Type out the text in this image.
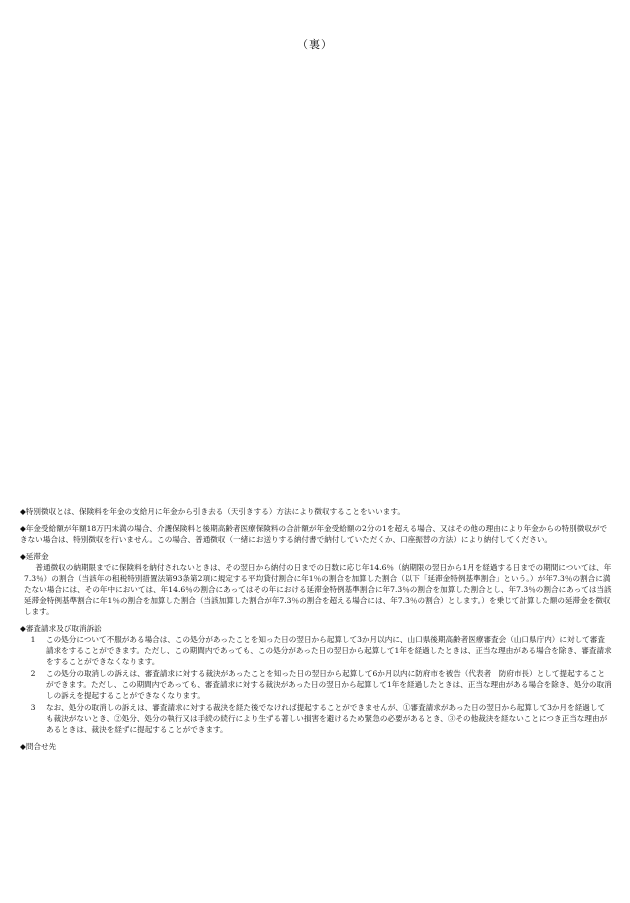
（裏）

◆特別徴収とは、保険料を年金の支給月に年金から引き去る（天引きする）方法により徴収することをいいます。

◆年金受給額が年額18万円未満の場合、介護保険料と後期高齢者医療保険料の合計額が年金受給額の2分の1を超える場合、又はその他の理由により年金からの特別徴収ができない場合は、特別徴収を行いません。この場合、普通徴収（一緒にお送りする納付書で納付していただくか、口座振替の方法）により納付してください。

◆延滞金

普通徴収の納期限までに保険料を納付されないときは、その翌日から納付の日までの日数に応じ年14.6％（納期限の翌日から1月を経過する日までの期間については、年7.3％）の割合（当該年の租税特別措置法第93条第2項に規定する平均貸付割合に年1％の割合を加算した割合（以下「延滞金特例基準割合」という。）が年7.3％の割合に満たない場合には、その年中においては、年14.6％の割合にあってはその年における延滞金特例基準割合に年7.3％の割合を加算した割合とし、年7.3％の割合にあっては当該延滞金特例基準割合に年1％の割合を加算した割合（当該加算した割合が年7.3％の割合を超える場合には、年7.3％の割合）とします。）を乗じて計算した額の延滞金を徴収します。

◆審査請求及び取消訴訟

1	この処分について不服がある場合は、この処分があったことを知った日の翌日から起算して3か月以内に、山口県後期高齢者医療審査会（山口県庁内）に対して審査請求をすることができます。ただし、この期間内であっても、この処分があった日の翌日から起算して1年を経過したときは、正当な理由がある場合を除き、審査請求をすることができなくなります。
2	この処分の取消しの訴えは、審査請求に対する裁決があったことを知った日の翌日から起算して6か月以内に防府市を被告（代表者　防府市長）として提起することができます。ただし、この期間内であっても、審査請求に対する裁決があった日の翌日から起算して1年を経過したときは、正当な理由がある場合を除き、処分の取消しの訴えを提起することができなくなります。
3	なお、処分の取消しの訴えは、審査請求に対する裁決を経た後でなければ提起することができませんが、①審査請求があった日の翌日から起算して3か月を経過しても裁決がないとき、②処分、処分の執行又は手続の続行により生ずる著しい損害を避けるため緊急の必要があるとき、③その他裁決を経ないことにつき正当な理由があるときは、裁決を経ずに提起することができます。

◆問合せ先
